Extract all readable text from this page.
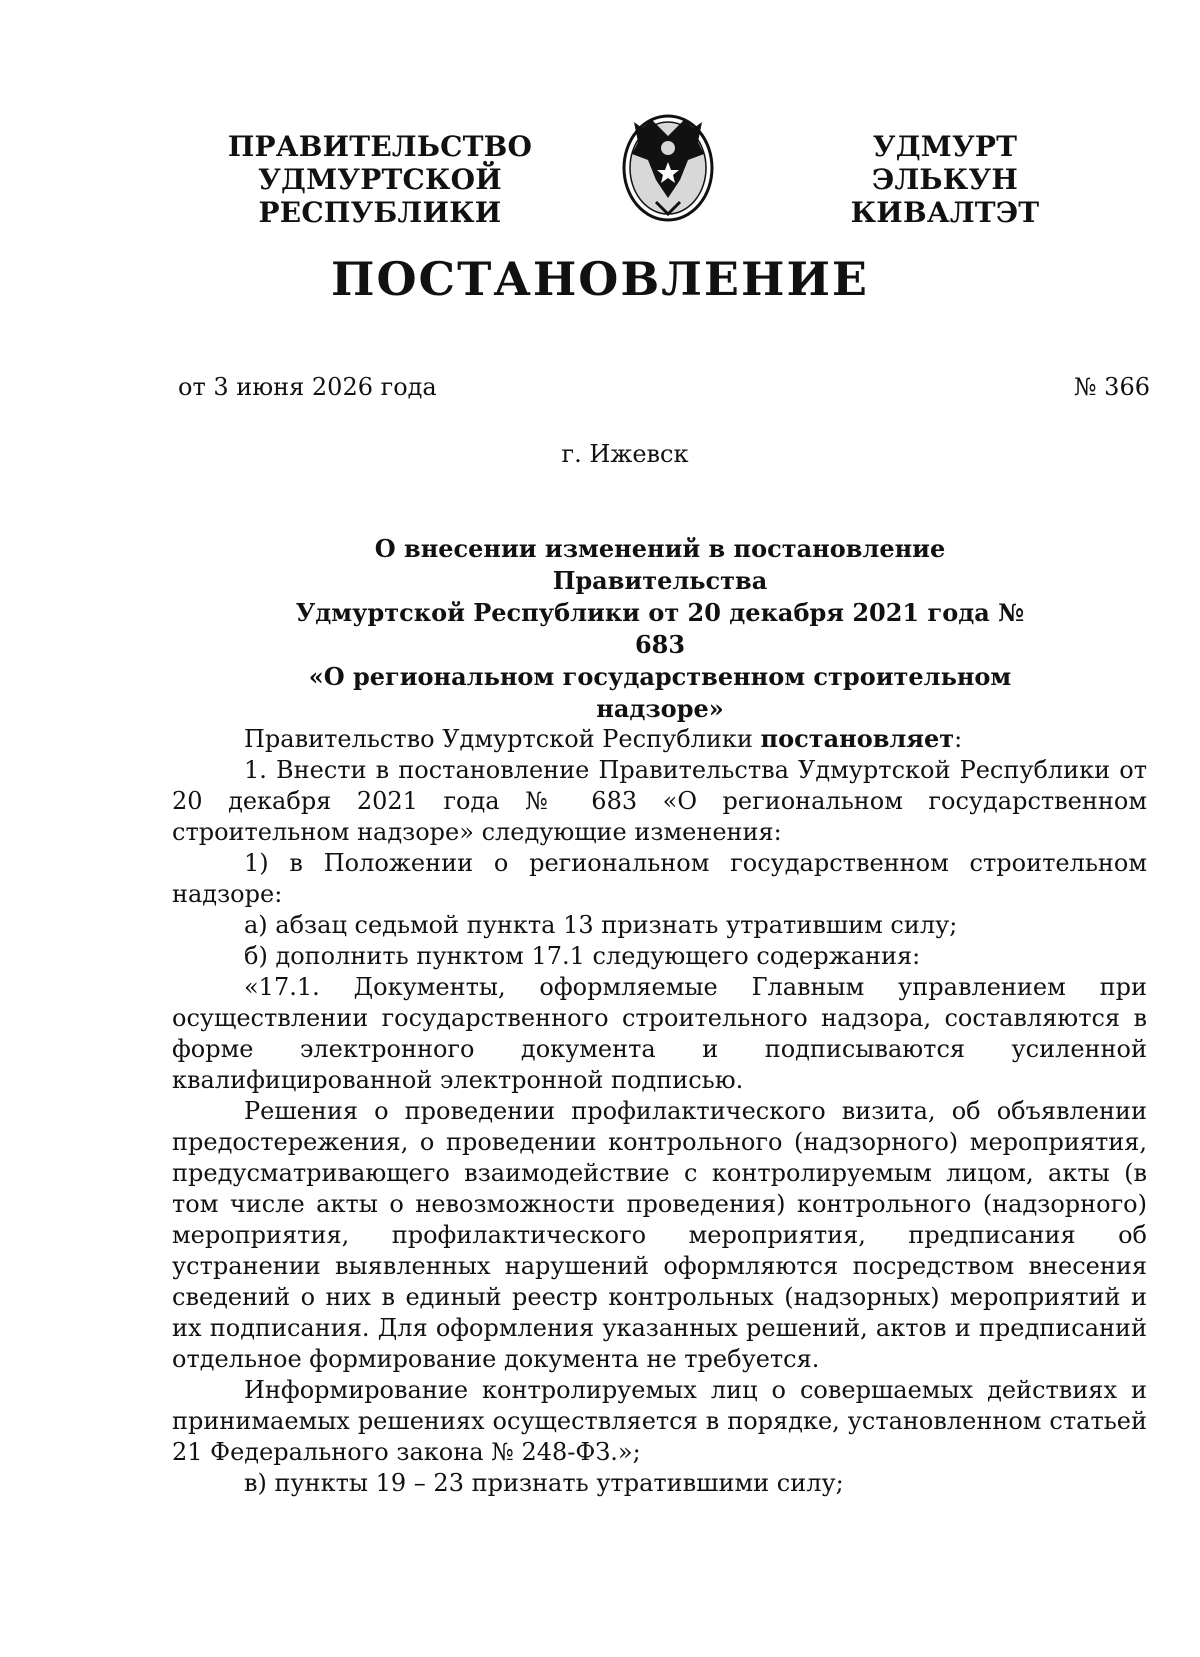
ПРАВИТЕЛЬСТВО
УДМУРТСКОЙ РЕСПУБЛИКИ
УДМУРТ ЭЛЬКУН
КИВАЛТЭТ
ПОСТАНОВЛЕНИЕ
от 3 июня 2026 года	№ 366
г. Ижевск
О внесении изменений в постановление Правительства
Удмуртской Республики от 20 декабря 2021 года № 683
«О региональном государственном строительном
надзоре»

Правительство Удмуртской Республики постановляет:

1. Внести в постановление Правительства Удмуртской Республики от 20 декабря 2021 года № 683 «О региональном государственном строительном надзоре» следующие изменения:

1) в Положении о региональном государственном строительном надзоре:

а) абзац седьмой пункта 13 признать утратившим силу;

б) дополнить пунктом 17.1 следующего содержания:

«17.1. Документы, оформляемые Главным управлением при осуществлении государственного строительного надзора, составляются в форме электронного документа и подписываются усиленной квалифицированной электронной подписью.

Решения о проведении профилактического визита, об объявлении предостережения, о проведении контрольного (надзорного) мероприятия, предусматривающего взаимодействие с контролируемым лицом, акты (в том числе акты о невозможности проведения) контрольного (надзорного) мероприятия, профилактического мероприятия, предписания об устранении выявленных нарушений оформляются посредством внесения сведений о них в единый реестр контрольных (надзорных) мероприятий и их подписания. Для оформления указанных решений, актов и предписаний отдельное формирование документа не требуется.

Информирование контролируемых лиц о совершаемых действиях и принимаемых решениях осуществляется в порядке, установленном статьей 21 Федерального закона № 248-ФЗ.»;

в) пункты 19 – 23 признать утратившими силу;
